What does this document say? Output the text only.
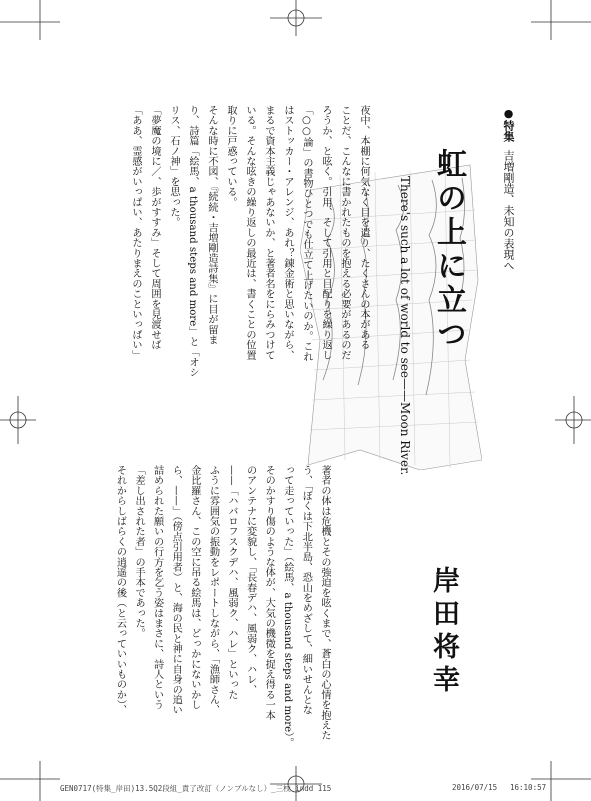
●特集吉増剛造、未知の表現へ
虹の上に立つ
There's such a lot of world to see——Moon River.
岸田将幸
夜中、本棚に何気なく目を遣り、たくさんの本がある
ことだ、こんなに書かれたものを抱える必要があるのだ
ろうか、と呟く。引用、そして引用と目配りを繰り返し
「○○論」の書物ひとつでも仕立て上げたいのか。これ
はストッカー・アレンジ、あれ？錬金術と思いながら、
まるで資本主義じゃあないか、と著者名をにらみつけて
いる。そんな呟きの繰り返しの最近は、書くことの位置
取りに戸惑っている。
そんな時に不図、『続続・吉増剛造詩集』に目が留ま
り、詩篇「絵馬、a thousand steps and more」と「オシ
リス、石ノ神」を思った。
「夢魔の境に／、歩がすすみ」そして周囲を見渡せば
「ああ、霊感がいっぱい、あたりまえのこといっぱい」
著者の体は危機とその強迫を呟くまで、蒼白の心情を抱えた
う、「ぼくは下北半島、恐山をめざして、細いせんとな
って走っていった」（絵馬、a thousand steps and more）。
そのかすり傷のような体が、大気の機微を捉え得る一本
のアンテナに変貌し、「長春デハ、風弱ク、ハレ、
——「ハバロフスクデハ、風弱ク、ハレ」といった
ふうに雰囲気の振動をレポートしながら、「漁師さん、
金比羅さん、この空に吊る絵馬は、どっかにないかし
ら、——」（傍点引用者）と、海の民と神に自身の追い
詰められた願いの行方を乞う姿はまさに、詩人という
「差し出された者」の手本であった。
それからしばらくの逍遥の後（と云っていいものか）、
GEN0717(特集_岸田)13.5Q2段組_責了改訂（ノンブルなし）_三校 indd 115	2016/07/15 16:10:57
